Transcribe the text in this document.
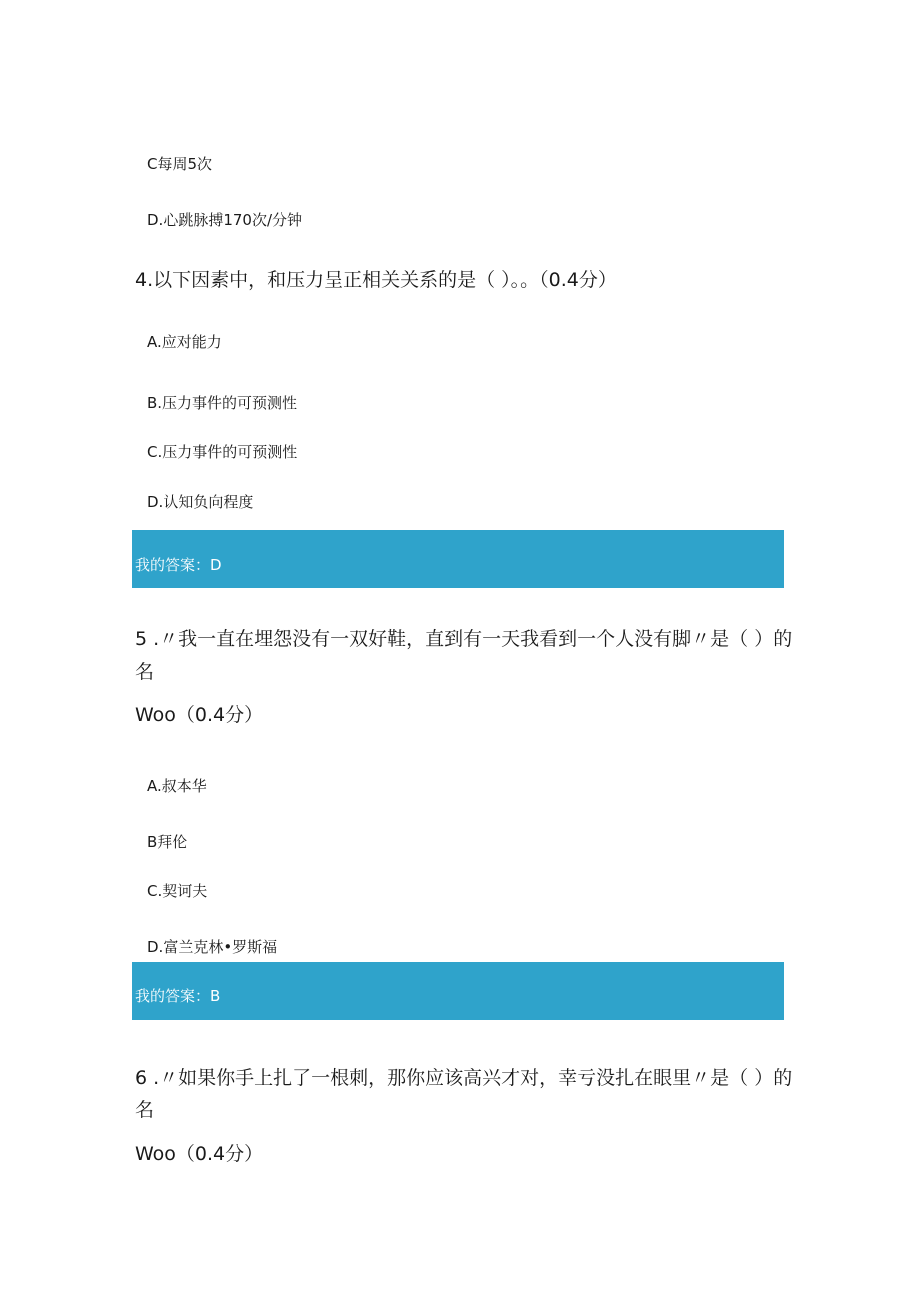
C每周5次
D.心跳脉搏170次/分钟
4.以下因素中，和压力呈正相关关系的是（ ）。。（0.4分）
A.应对能力
B.压力事件的可预测性
C.压力事件的可预测性
D.认知负向程度
我的答案：D
5 .〃我一直在埋怨没有一双好鞋，直到有一天我看到一个人没有脚〃是（ ）的
名
Woo（0.4分）
A.叔本华
B拜伦
C.契诃夫
D.富兰克林•罗斯福
我的答案：B
6 .〃如果你手上扎了一根刺，那你应该高兴才对，幸亏没扎在眼里〃是（ ）的
名
Woo（0.4分）
